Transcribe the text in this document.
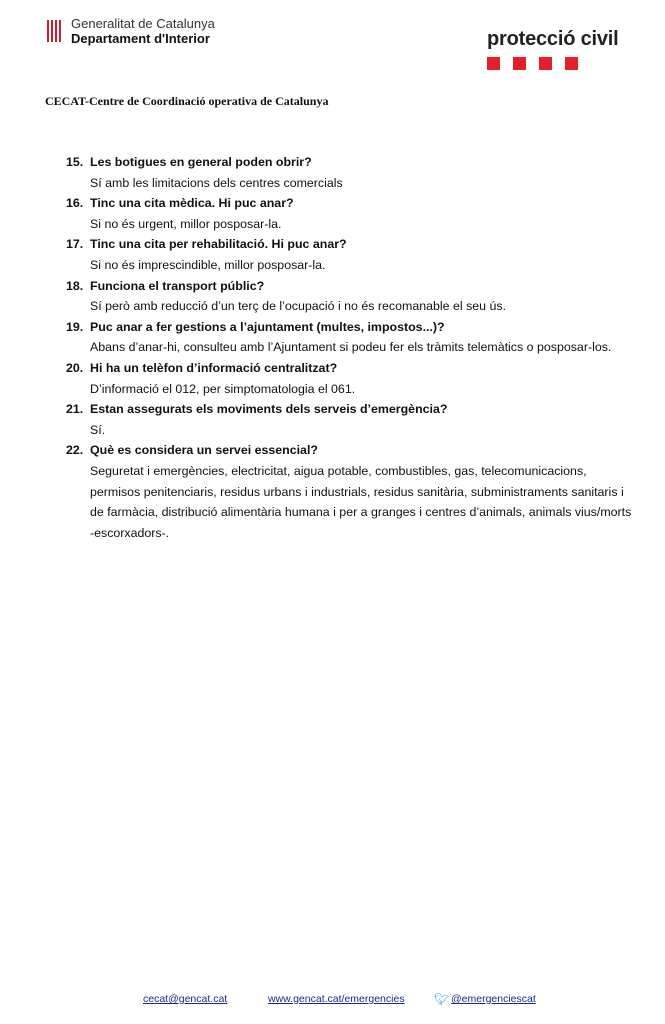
Generalitat de Catalunya
Departament d'Interior	protecció civil
CECAT-Centre de Coordinació operativa de Catalunya
15. Les botigues en general poden obrir?
Sí amb les limitacions dels centres comercials
16. Tinc una cita mèdica. Hi puc anar?
Si no és urgent, millor posposar-la.
17. Tinc una cita per rehabilitació. Hi puc anar?
Si no és imprescindible, millor posposar-la.
18. Funciona el transport públic?
Sí però amb reducció d’un terç de l’ocupació i no és recomanable el seu ús.
19. Puc anar a fer gestions a l’ajuntament (multes, impostos...)?
Abans d’anar-hi, consulteu amb l’Ajuntament si podeu fer els tràmits telemàtics o posposar-los.
20. Hi ha un telèfon d’informació centralitzat?
D’informació el 012, per simptomatologia el 061.
21. Estan assegurats els moviments dels serveis d’emergència?
Sí.
22. Què es considera un servei essencial?
Seguretat i emergències, electricitat, aigua potable, combustibles, gas, telecomunicacions, permisos penitenciaris, residus urbans i industrials, residus sanitària, subministraments sanitaris i de farmàcia, distribució alimentària humana i per a granges i centres d’animals, animals vius/morts -escorxadors-.
cecat@gencat.cat	www.gencat.cat/emergencies 🐦︎ @emergenciescat
